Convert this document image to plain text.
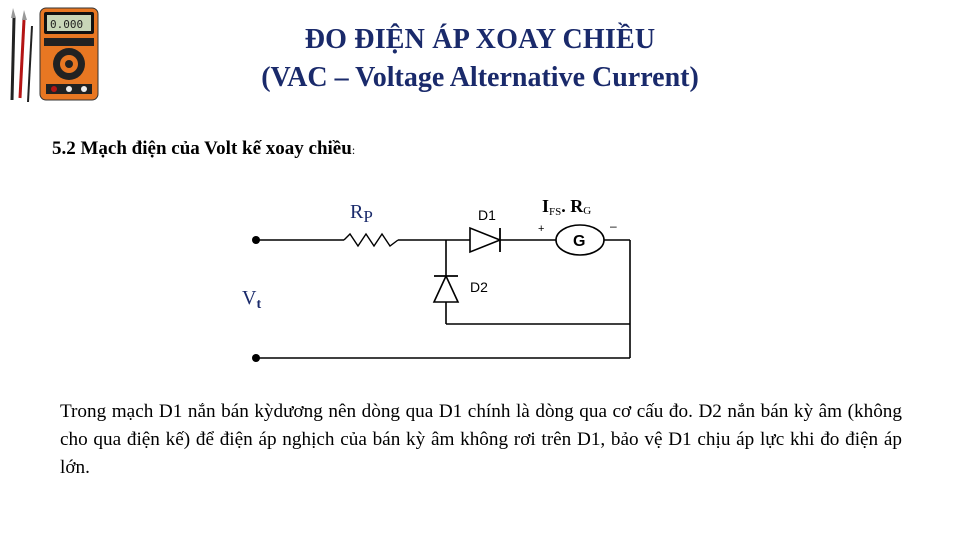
0.000	ĐO ĐIỆN ÁP XOAY CHIỀU
(VAC – Voltage Alternative Current)
5.2 Mạch điện của Volt kế xoay chiều:
$R_P$	D1
D2
IFS. RG
+	–
G
$V_t$
Trong mạch D1 nắn bán kỳdương nên dòng qua D1 chính là dòng qua cơ cấu đo. D2 nắn bán kỳ âm (không cho qua điện kế) để điện áp nghịch của bán kỳ âm không rơi trên D1, bảo vệ D1 chịu áp lực khi đo điện áp lớn.
